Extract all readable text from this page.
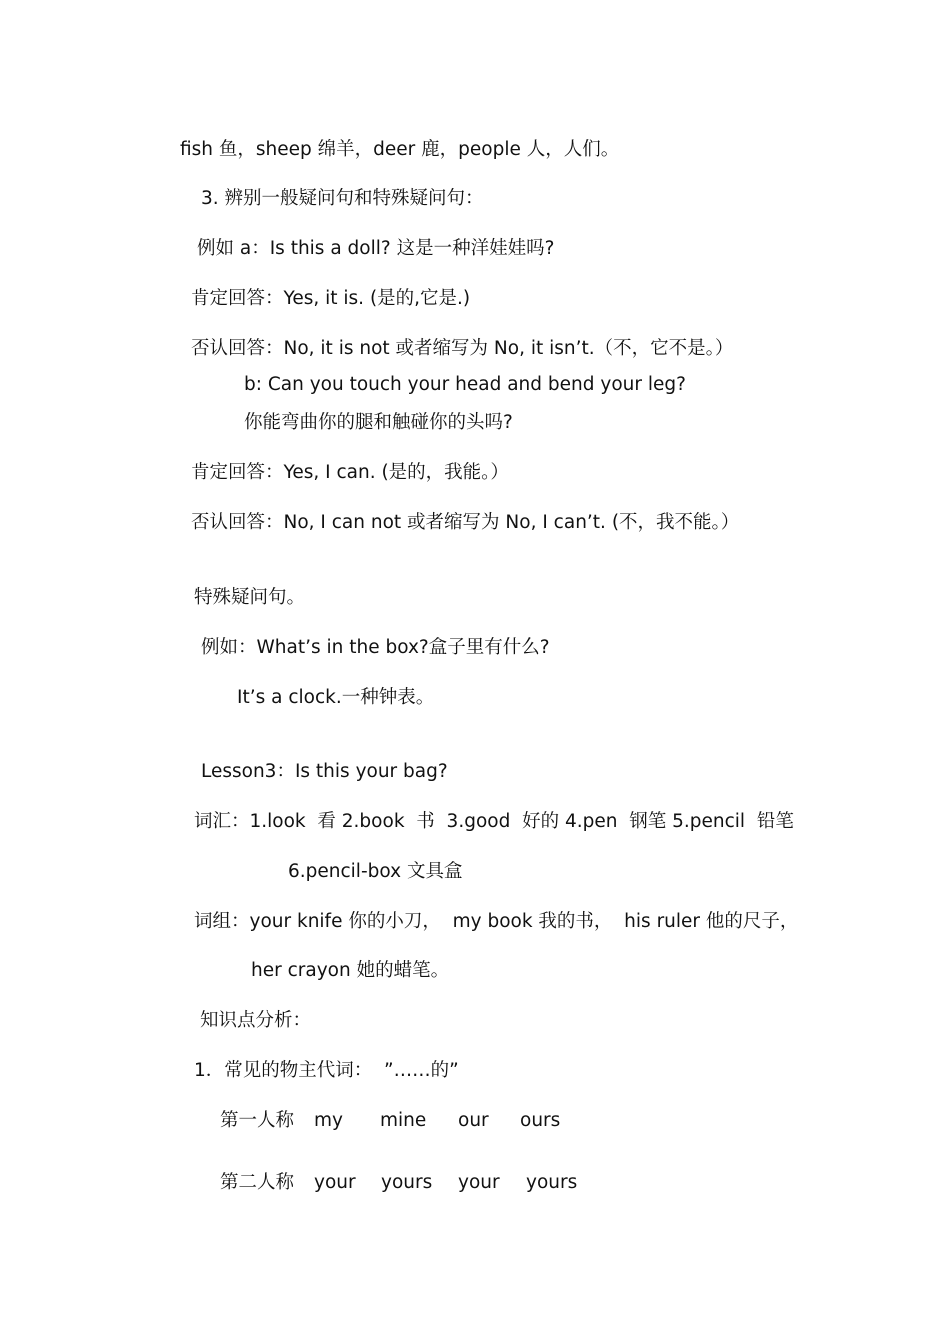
fish 鱼，sheep 绵羊，deer 鹿，people 人，人们。
3. 辨别一般疑问句和特殊疑问句：
例如 a：Is this a doll? 这是一种洋娃娃吗?
肯定回答：Yes, it is. (是的,它是.)
否认回答：No, it is not 或者缩写为 No, it isn’t.（不，它不是。）
b: Can you touch your head and bend your leg?
你能弯曲你的腿和触碰你的头吗?
肯定回答：Yes, I can. (是的，我能。）
否认回答：No, I can not 或者缩写为 No, I can’t. (不，我不能。）
特殊疑问句。
例如：What’s in the box?盒子里有什么?
It’s a clock.一种钟表。
Lesson3：Is this your bag?
词汇：1.look  看 2.book  书  3.good  好的 4.pen  钢笔 5.pencil  铅笔
6.pencil-box 文具盒
词组：your knife 你的小刀，  my book 我的书，  his ruler 他的尺子，
her crayon 她的蜡笔。
知识点分析：
1．常见的物主代词：  ”……的”
第一人称 my mine our ours
第二人称 your yours your yours
